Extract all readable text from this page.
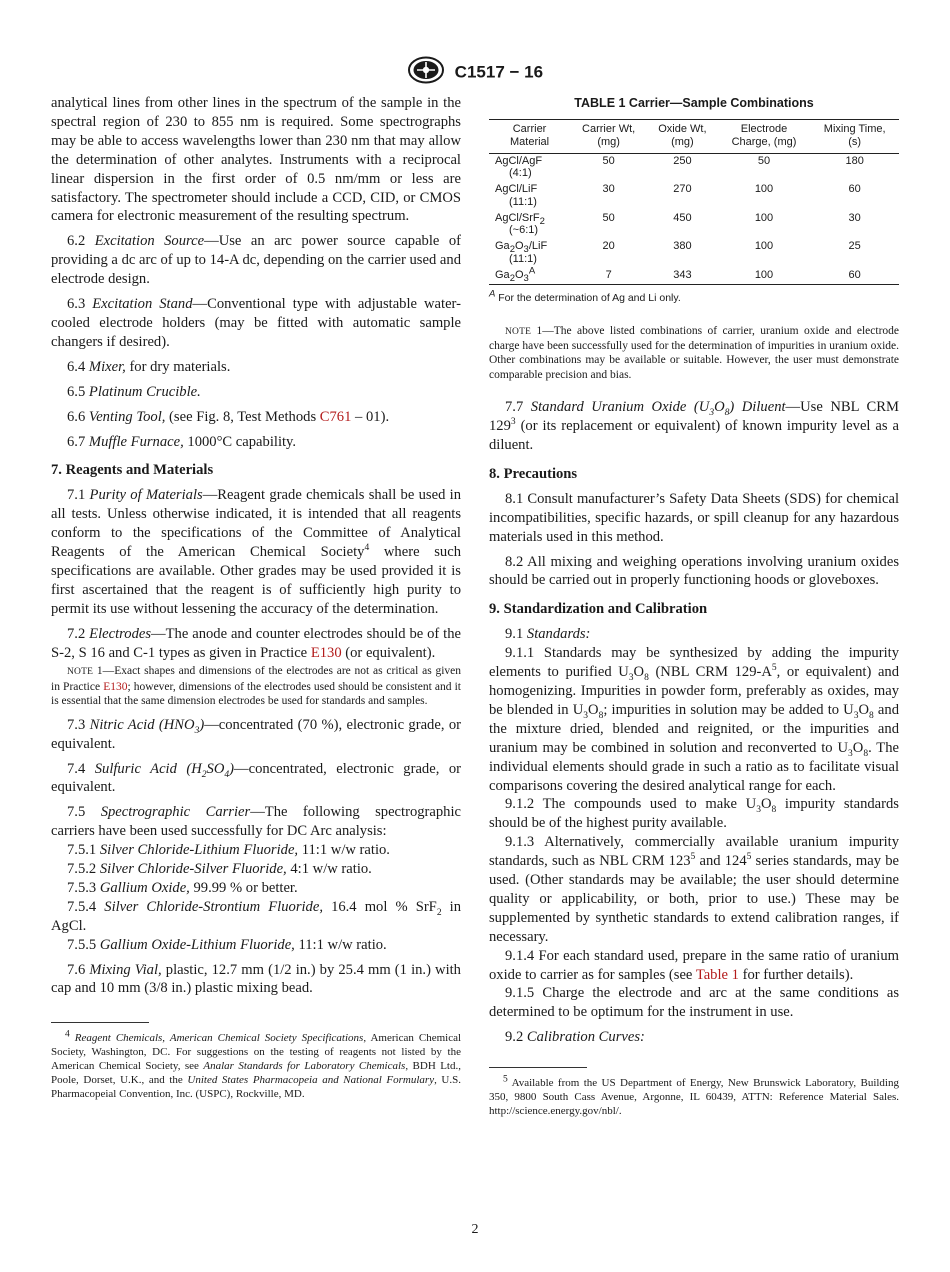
C1517 − 16

analytical lines from other lines in the spectrum of the sample in the spectral region of 230 to 855 nm is required. Some spectrographs may be able to access wavelengths lower than 230 nm that may allow the determination of other analytes. Instruments with a reciprocal linear dispersion in the first order of 0.5 nm/mm or less are satisfactory. The spectrometer should include a CCD, CID, or CMOS camera for electronic measurement of the resulting spectrum.

6.2 Excitation Source—Use an arc power source capable of providing a dc arc of up to 14-A dc, depending on the carrier used and electrode design.

6.3 Excitation Stand—Conventional type with adjustable water-cooled electrode holders (may be fitted with automatic sample changers if desired).

6.4 Mixer, for dry materials.

6.5 Platinum Crucible.

6.6 Venting Tool, (see Fig. 8, Test Methods C761 – 01).

6.7 Muffle Furnace, 1000°C capability.

7. Reagents and Materials

7.1 Purity of Materials—Reagent grade chemicals shall be used in all tests. Unless otherwise indicated, it is intended that all reagents conform to the specifications of the Committee of Analytical Reagents of the American Chemical Society$^4$ where such specifications are available. Other grades may be used provided it is first ascertained that the reagent is of sufficiently high purity to permit its use without lessening the accuracy of the determination.

7.2 Electrodes—The anode and counter electrodes should be of the S-2, S 16 and C-1 types as given in Practice E130 (or equivalent).

NOTE 1—Exact shapes and dimensions of the electrodes are not as critical as given in Practice E130; however, dimensions of the electrodes used should be consistent and it is essential that the same dimension electrodes be used for standards and samples.

7.3 Nitric Acid $(HNO_3)—concentrated$ (70 %), electronic grade, or equivalent.

7.4 Sulfuric Acid $(H_2SO_4)—concentrated$, electronic grade, or equivalent.

7.5 Spectrographic Carrier—The following spectrographic carriers have been used successfully for DC Arc analysis:

7.5.1 Silver Chloride-Lithium Fluoride, 11:1 w/w ratio.

7.5.2 Silver Chloride-Silver Fluoride, 4:1 w/w ratio.

7.5.3 Gallium Oxide, 99.99 % or better.

7.5.4 Silver Chloride-Strontium Fluoride, 16.4 mol % SrF$_2$ in AgCl.

7.5.5 Gallium Oxide-Lithium Fluoride, 11:1 w/w ratio.

7.6 Mixing Vial, plastic, 12.7 mm (1/2 in.) by 25.4 mm (1 in.) with cap and 10 mm (3/8 in.) plastic mixing bead.

$^4$ Reagent Chemicals, American Chemical Society Specifications, American Chemical Society, Washington, DC. For suggestions on the testing of reagents not listed by the American Chemical Society, see Analar Standards for Laboratory Chemicals, BDH Ltd., Poole, Dorset, U.K., and the United States Pharmacopeia and National Formulary, U.S. Pharmacopeial Convention, Inc. (USPC), Rockville, MD.

TABLE 1 Carrier—Sample Combinations

Carrier
Material	Carrier Wt,
(mg)	Oxide Wt,
(mg)	Electrode
Charge, (mg)	Mixing Time,
(s)
AgCl/AgF
(4:1)	50	250	50	180
AgCl/LiF
(11:1)	30	270	100	60
AgCl/SrF$_2$
(~6:1)	50	450	100	30
$Ga_2O_3$/LiF
(11:1)	20	380	100	25
$Ga_2O_3^A$	7	343	100	60

$^A$ For the determination of Ag and Li only.

NOTE 1—The above listed combinations of carrier, uranium oxide and electrode charge have been successfully used for the determination of impurities in uranium oxide. Other combinations may be available or suitable. However, the user must demonstrate comparable precision and bias.

7.7 Standard Uranium Oxide $(U_3O_8)$ Diluent—Use NBL CRM $129^3$ (or its replacement or equivalent) of known impurity level as a diluent.

8. Precautions

8.1 Consult manufacturer’s Safety Data Sheets (SDS) for chemical incompatibilities, specific hazards, or spill cleanup for any hazardous materials used in this method.

8.2 All mixing and weighing operations involving uranium oxides should be carried out in properly functioning hoods or gloveboxes.

9. Standardization and Calibration

9.1 Standards:

9.1.1 Standards may be synthesized by adding the impurity elements to purified $U_3O_8$ (NBL CRM $129-A^5$, or equivalent) and homogenizing. Impurities in powder form, preferably as oxides, may be blended in $U_3O_8$; impurities in solution may be added to $U_3O_8$ and the mixture dried, blended and reignited, or the impurities and uranium may be combined in solution and reconverted to $U_3O_8$. The individual elements should grade in such a ratio as to facilitate visual comparisons covering the desired analytical range for each.

9.1.2 The compounds used to make $U_3O_8$ impurity standards should be of the highest purity available.

9.1.3 Alternatively, commercially available uranium impurity standards, such as NBL CRM $123^5$ and $124^5$ series standards, may be used. (Other standards may be available; the user should determine quality or applicability, or both, prior to use.) These may be supplemented by synthetic standards to extend calibration ranges, if necessary.

9.1.4 For each standard used, prepare in the same ratio of uranium oxide to carrier as for samples (see Table 1 for further details).

9.1.5 Charge the electrode and arc at the same conditions as determined to be optimum for the instrument in use.

9.2 Calibration Curves:

$^5$ Available from the US Department of Energy, New Brunswick Laboratory, Building 350, 9800 South Cass Avenue, Argonne, IL 60439, ATTN: Reference Material Sales. http://science.energy.gov/nbl/.

2
